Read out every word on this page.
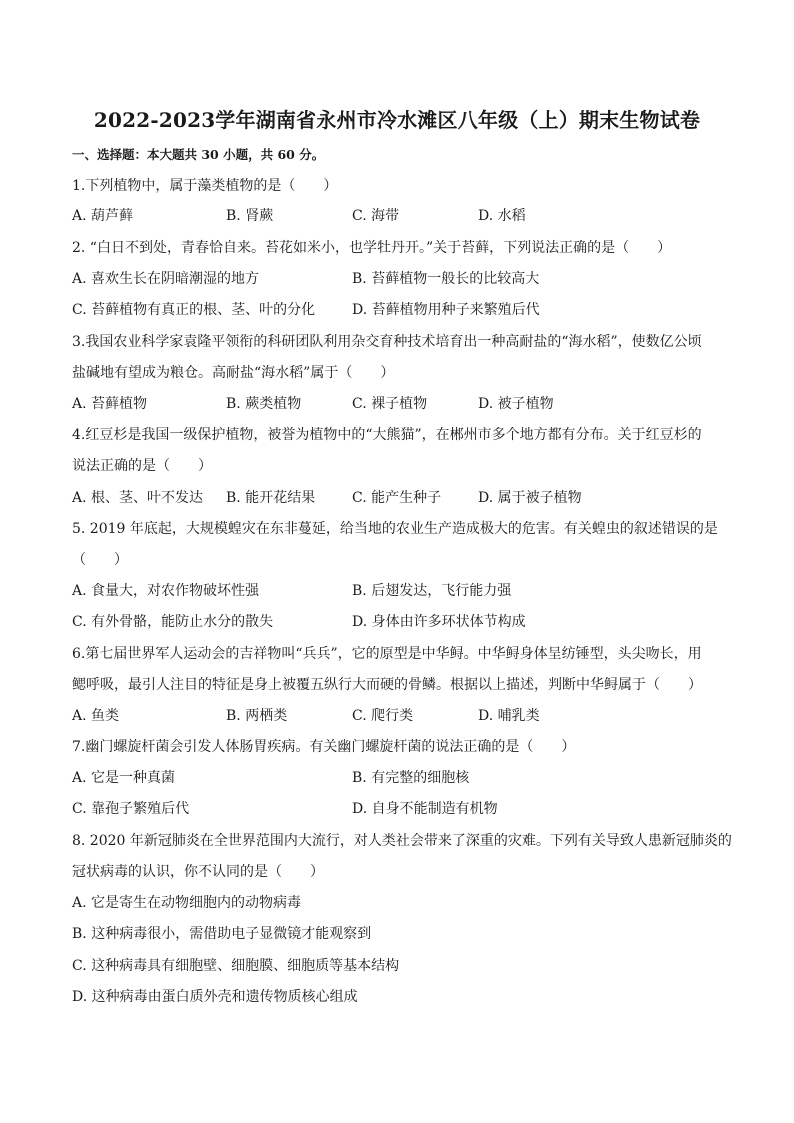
2022-2023学年湖南省永州市冷水滩区八年级（上）期末生物试卷
一、选择题：本大题共 30 小题，共 60 分。
1.下列植物中，属于藻类植物的是（　　）
A. 葫芦藓	B. 肾蕨	C. 海带	D. 水稻
2. “白日不到处，青春恰自来。苔花如米小，也学牡丹开。”关于苔藓，下列说法正确的是（　　）
A. 喜欢生长在阴暗潮湿的地方	B. 苔藓植物一般长的比较高大
C. 苔藓植物有真正的根、茎、叶的分化	D. 苔藓植物用种子来繁殖后代
3.我国农业科学家袁隆平领衔的科研团队利用杂交育种技术培育出一种高耐盐的“海水稻”，使数亿公顷
盐碱地有望成为粮仓。高耐盐“海水稻”属于（　　）
A. 苔藓植物	B. 蕨类植物	C. 裸子植物	D. 被子植物
4.红豆杉是我国一级保护植物，被誉为植物中的“大熊猫”，在郴州市多个地方都有分布。关于红豆杉的
说法正确的是（　　）
A. 根、茎、叶不发达 B. 能开花结果	C. 能产生种子	D. 属于被子植物
5. 2019 年底起，大规模蝗灾在东非蔓延，给当地的农业生产造成极大的危害。有关蝗虫的叙述错误的是
（　　）
A. 食量大，对农作物破坏性强	B. 后翅发达，飞行能力强
C. 有外骨骼，能防止水分的散失	D. 身体由许多环状体节构成
6.第七届世界军人运动会的吉祥物叫“兵兵”，它的原型是中华鲟。中华鲟身体呈纺锤型，头尖吻长，用
鳃呼吸，最引人注目的特征是身上被覆五纵行大而硬的骨鳞。根据以上描述，判断中华鲟属于（　　）
A. 鱼类	B. 两栖类	C. 爬行类	D. 哺乳类
7.幽门螺旋杆菌会引发人体肠胃疾病。有关幽门螺旋杆菌的说法正确的是（　　）
A. 它是一种真菌	B. 有完整的细胞核
C. 靠孢子繁殖后代	D. 自身不能制造有机物
8. 2020 年新冠肺炎在全世界范围内大流行，对人类社会带来了深重的灾难。下列有关导致人患新冠肺炎的
冠状病毒的认识，你不认同的是（　　）
A. 它是寄生在动物细胞内的动物病毒
B. 这种病毒很小，需借助电子显微镜才能观察到
C. 这种病毒具有细胞壁、细胞膜、细胞质等基本结构
D. 这种病毒由蛋白质外壳和遗传物质核心组成
